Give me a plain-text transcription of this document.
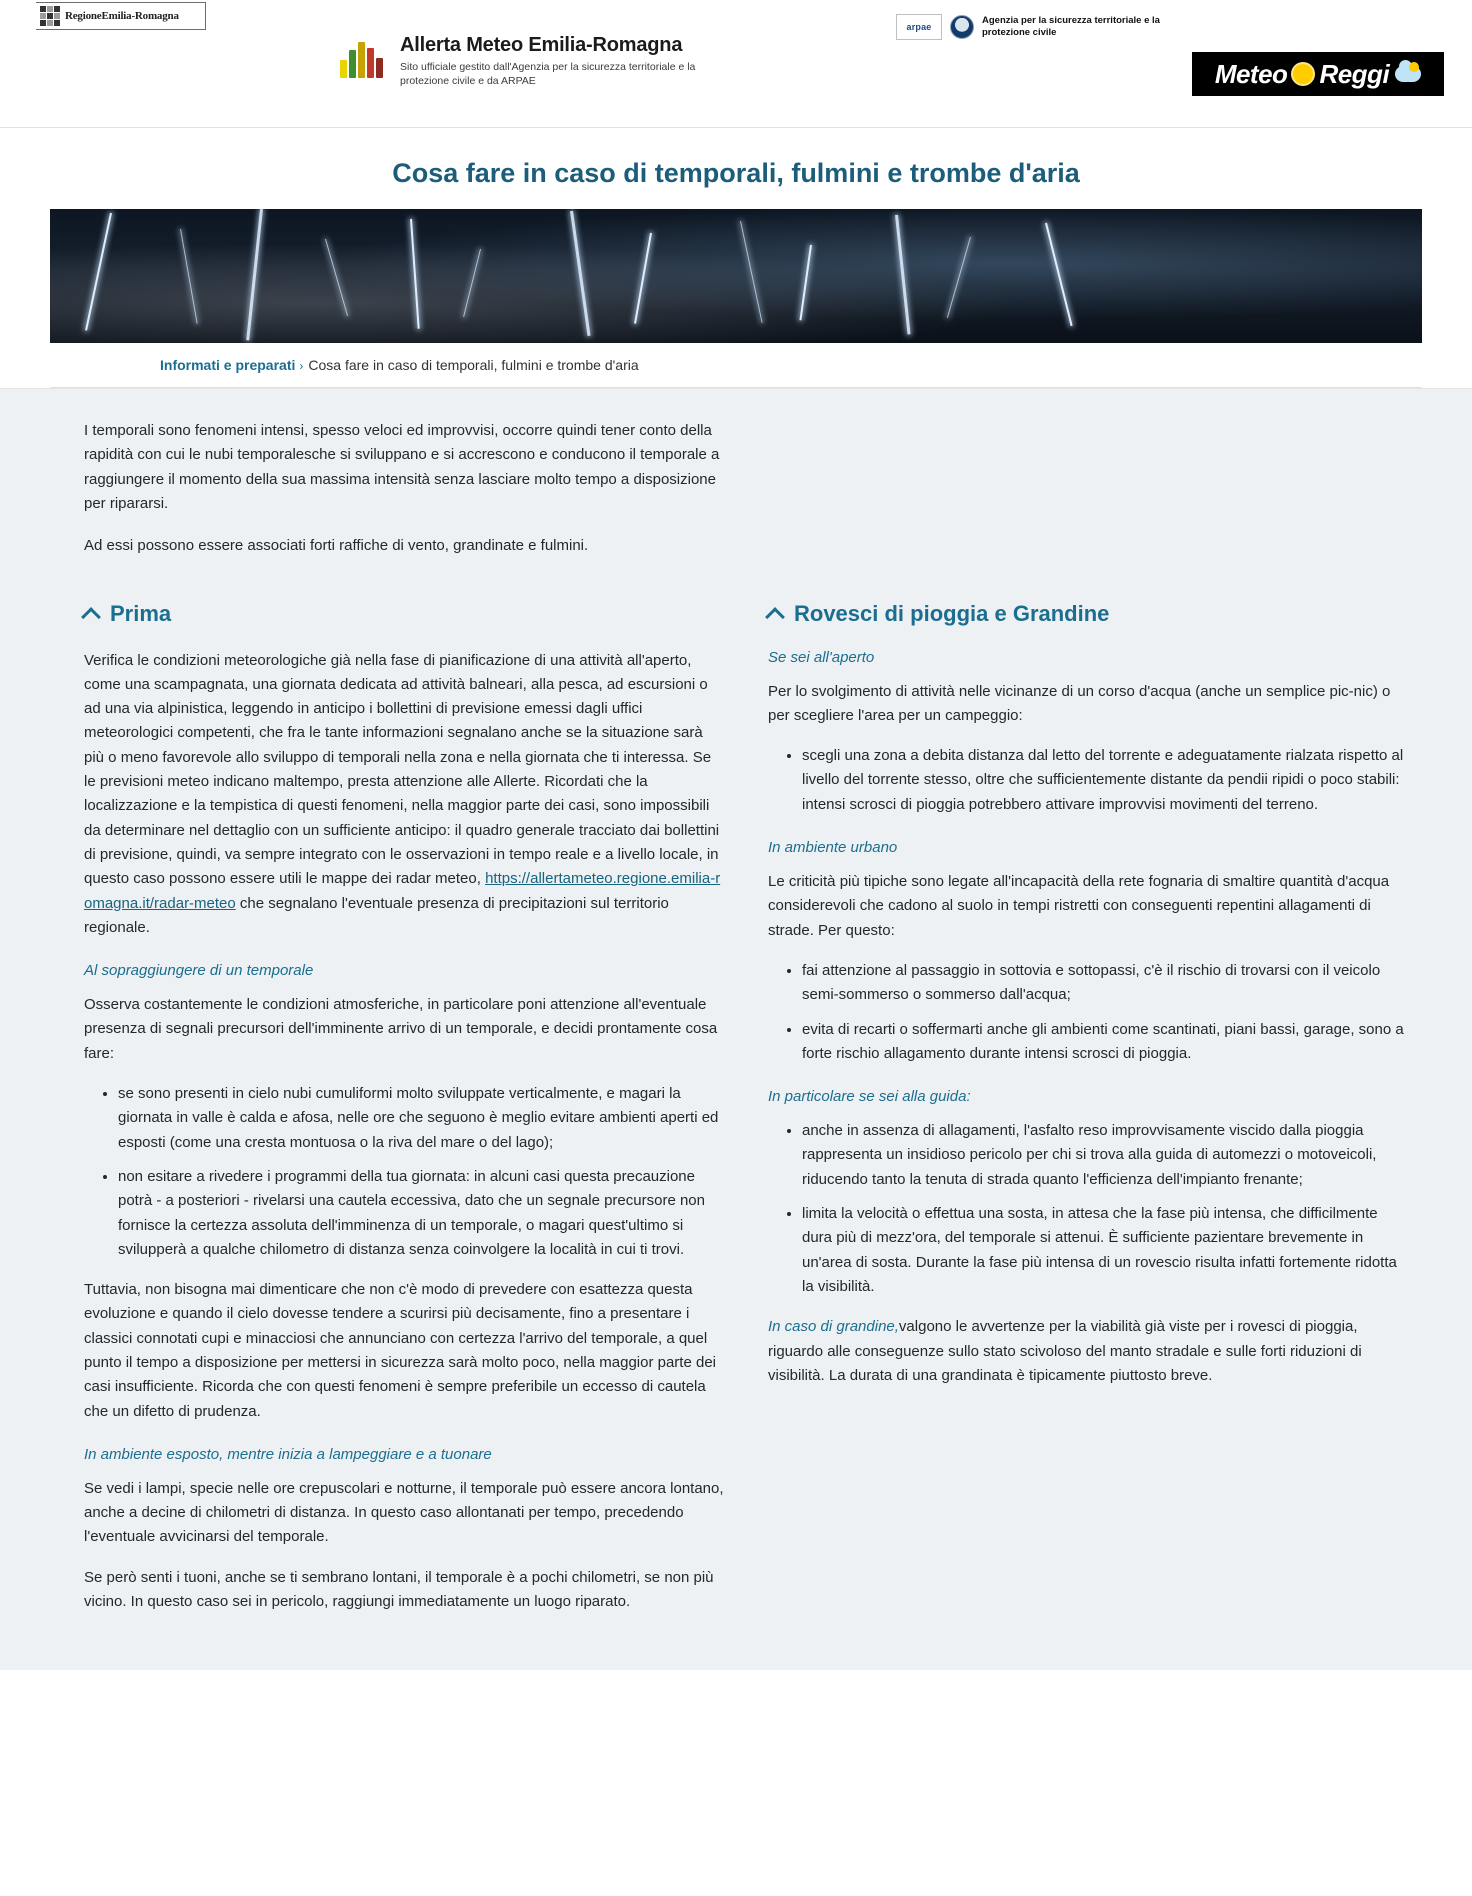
RegioneEmilia-Romagna
Allerta Meteo Emilia-Romagna
Sito ufficiale gestito dall'Agenzia per la sicurezza territoriale e la protezione civile e da ARPAE
arpae
Agenzia per la sicurezza territoriale e la protezione civile
Meteo Reggi
Cosa fare in caso di temporali, fulmini e trombe d'aria
Informati e preparati › Cosa fare in caso di temporali, fulmini e trombe d'aria

I temporali sono fenomeni intensi, spesso veloci ed improvvisi, occorre quindi tener conto della rapidità con cui le nubi temporalesche si sviluppano e si accrescono e conducono il temporale a raggiungere il momento della sua massima intensità senza lasciare molto tempo a disposizione per ripararsi.

Ad essi possono essere associati forti raffiche di vento, grandinate e fulmini.

Prima

Verifica le condizioni meteorologiche già nella fase di pianificazione di una attività all'aperto, come una scampagnata, una giornata dedicata ad attività balneari, alla pesca, ad escursioni o ad una via alpinistica, leggendo in anticipo i bollettini di previsione emessi dagli uffici meteorologici competenti, che fra le tante informazioni segnalano anche se la situazione sarà più o meno favorevole allo sviluppo di temporali nella zona e nella giornata che ti interessa. Se le previsioni meteo indicano maltempo, presta attenzione alle Allerte. Ricordati che la localizzazione e la tempistica di questi fenomeni, nella maggior parte dei casi, sono impossibili da determinare nel dettaglio con un sufficiente anticipo: il quadro generale tracciato dai bollettini di previsione, quindi, va sempre integrato con le osservazioni in tempo reale e a livello locale, in questo caso possono essere utili le mappe dei radar meteo, https://allertameteo.regione.emilia-romagna.it/radar-meteo che segnalano l'eventuale presenza di precipitazioni sul territorio regionale.

Al sopraggiungere di un temporale

Osserva costantemente le condizioni atmosferiche, in particolare poni attenzione all'eventuale presenza di segnali precursori dell'imminente arrivo di un temporale, e decidi prontamente cosa fare:

• se sono presenti in cielo nubi cumuliformi molto sviluppate verticalmente, e magari la giornata in valle è calda e afosa, nelle ore che seguono è meglio evitare ambienti aperti ed esposti (come una cresta montuosa o la riva del mare o del lago);
• non esitare a rivedere i programmi della tua giornata: in alcuni casi questa precauzione potrà - a posteriori - rivelarsi una cautela eccessiva, dato che un segnale precursore non fornisce la certezza assoluta dell'imminenza di un temporale, o magari quest'ultimo si svilupperà a qualche chilometro di distanza senza coinvolgere la località in cui ti trovi.

Tuttavia, non bisogna mai dimenticare che non c'è modo di prevedere con esattezza questa evoluzione e quando il cielo dovesse tendere a scurirsi più decisamente, fino a presentare i classici connotati cupi e minacciosi che annunciano con certezza l'arrivo del temporale, a quel punto il tempo a disposizione per mettersi in sicurezza sarà molto poco, nella maggior parte dei casi insufficiente. Ricorda che con questi fenomeni è sempre preferibile un eccesso di cautela che un difetto di prudenza.

In ambiente esposto, mentre inizia a lampeggiare e a tuonare

Se vedi i lampi, specie nelle ore crepuscolari e notturne, il temporale può essere ancora lontano, anche a decine di chilometri di distanza. In questo caso allontanati per tempo, precedendo l'eventuale avvicinarsi del temporale.

Se però senti i tuoni, anche se ti sembrano lontani, il temporale è a pochi chilometri, se non più vicino. In questo caso sei in pericolo, raggiungi immediatamente un luogo riparato.

Rovesci di pioggia e Grandine
Se sei all'aperto

Per lo svolgimento di attività nelle vicinanze di un corso d'acqua (anche un semplice pic-nic) o per scegliere l'area per un campeggio:

• scegli una zona a debita distanza dal letto del torrente e adeguatamente rialzata rispetto al livello del torrente stesso, oltre che sufficientemente distante da pendii ripidi o poco stabili: intensi scrosci di pioggia potrebbero attivare improvvisi movimenti del terreno.
In ambiente urbano

Le criticità più tipiche sono legate all'incapacità della rete fognaria di smaltire quantità d'acqua considerevoli che cadono al suolo in tempi ristretti con conseguenti repentini allagamenti di strade. Per questo:

• fai attenzione al passaggio in sottovia e sottopassi, c'è il rischio di trovarsi con il veicolo semi-sommerso o sommerso dall'acqua;
• evita di recarti o soffermarti anche gli ambienti come scantinati, piani bassi, garage, sono a forte rischio allagamento durante intensi scrosci di pioggia.
In particolare se sei alla guida:
• anche in assenza di allagamenti, l'asfalto reso improvvisamente viscido dalla pioggia rappresenta un insidioso pericolo per chi si trova alla guida di automezzi o motoveicoli, riducendo tanto la tenuta di strada quanto l'efficienza dell'impianto frenante;
• limita la velocità o effettua una sosta, in attesa che la fase più intensa, che difficilmente dura più di mezz'ora, del temporale si attenui. È sufficiente pazientare brevemente in un'area di sosta. Durante la fase più intensa di un rovescio risulta infatti fortemente ridotta la visibilità.

In caso di grandine,valgono le avvertenze per la viabilità già viste per i rovesci di pioggia, riguardo alle conseguenze sullo stato scivoloso del manto stradale e sulle forti riduzioni di visibilità. La durata di una grandinata è tipicamente piuttosto breve.
